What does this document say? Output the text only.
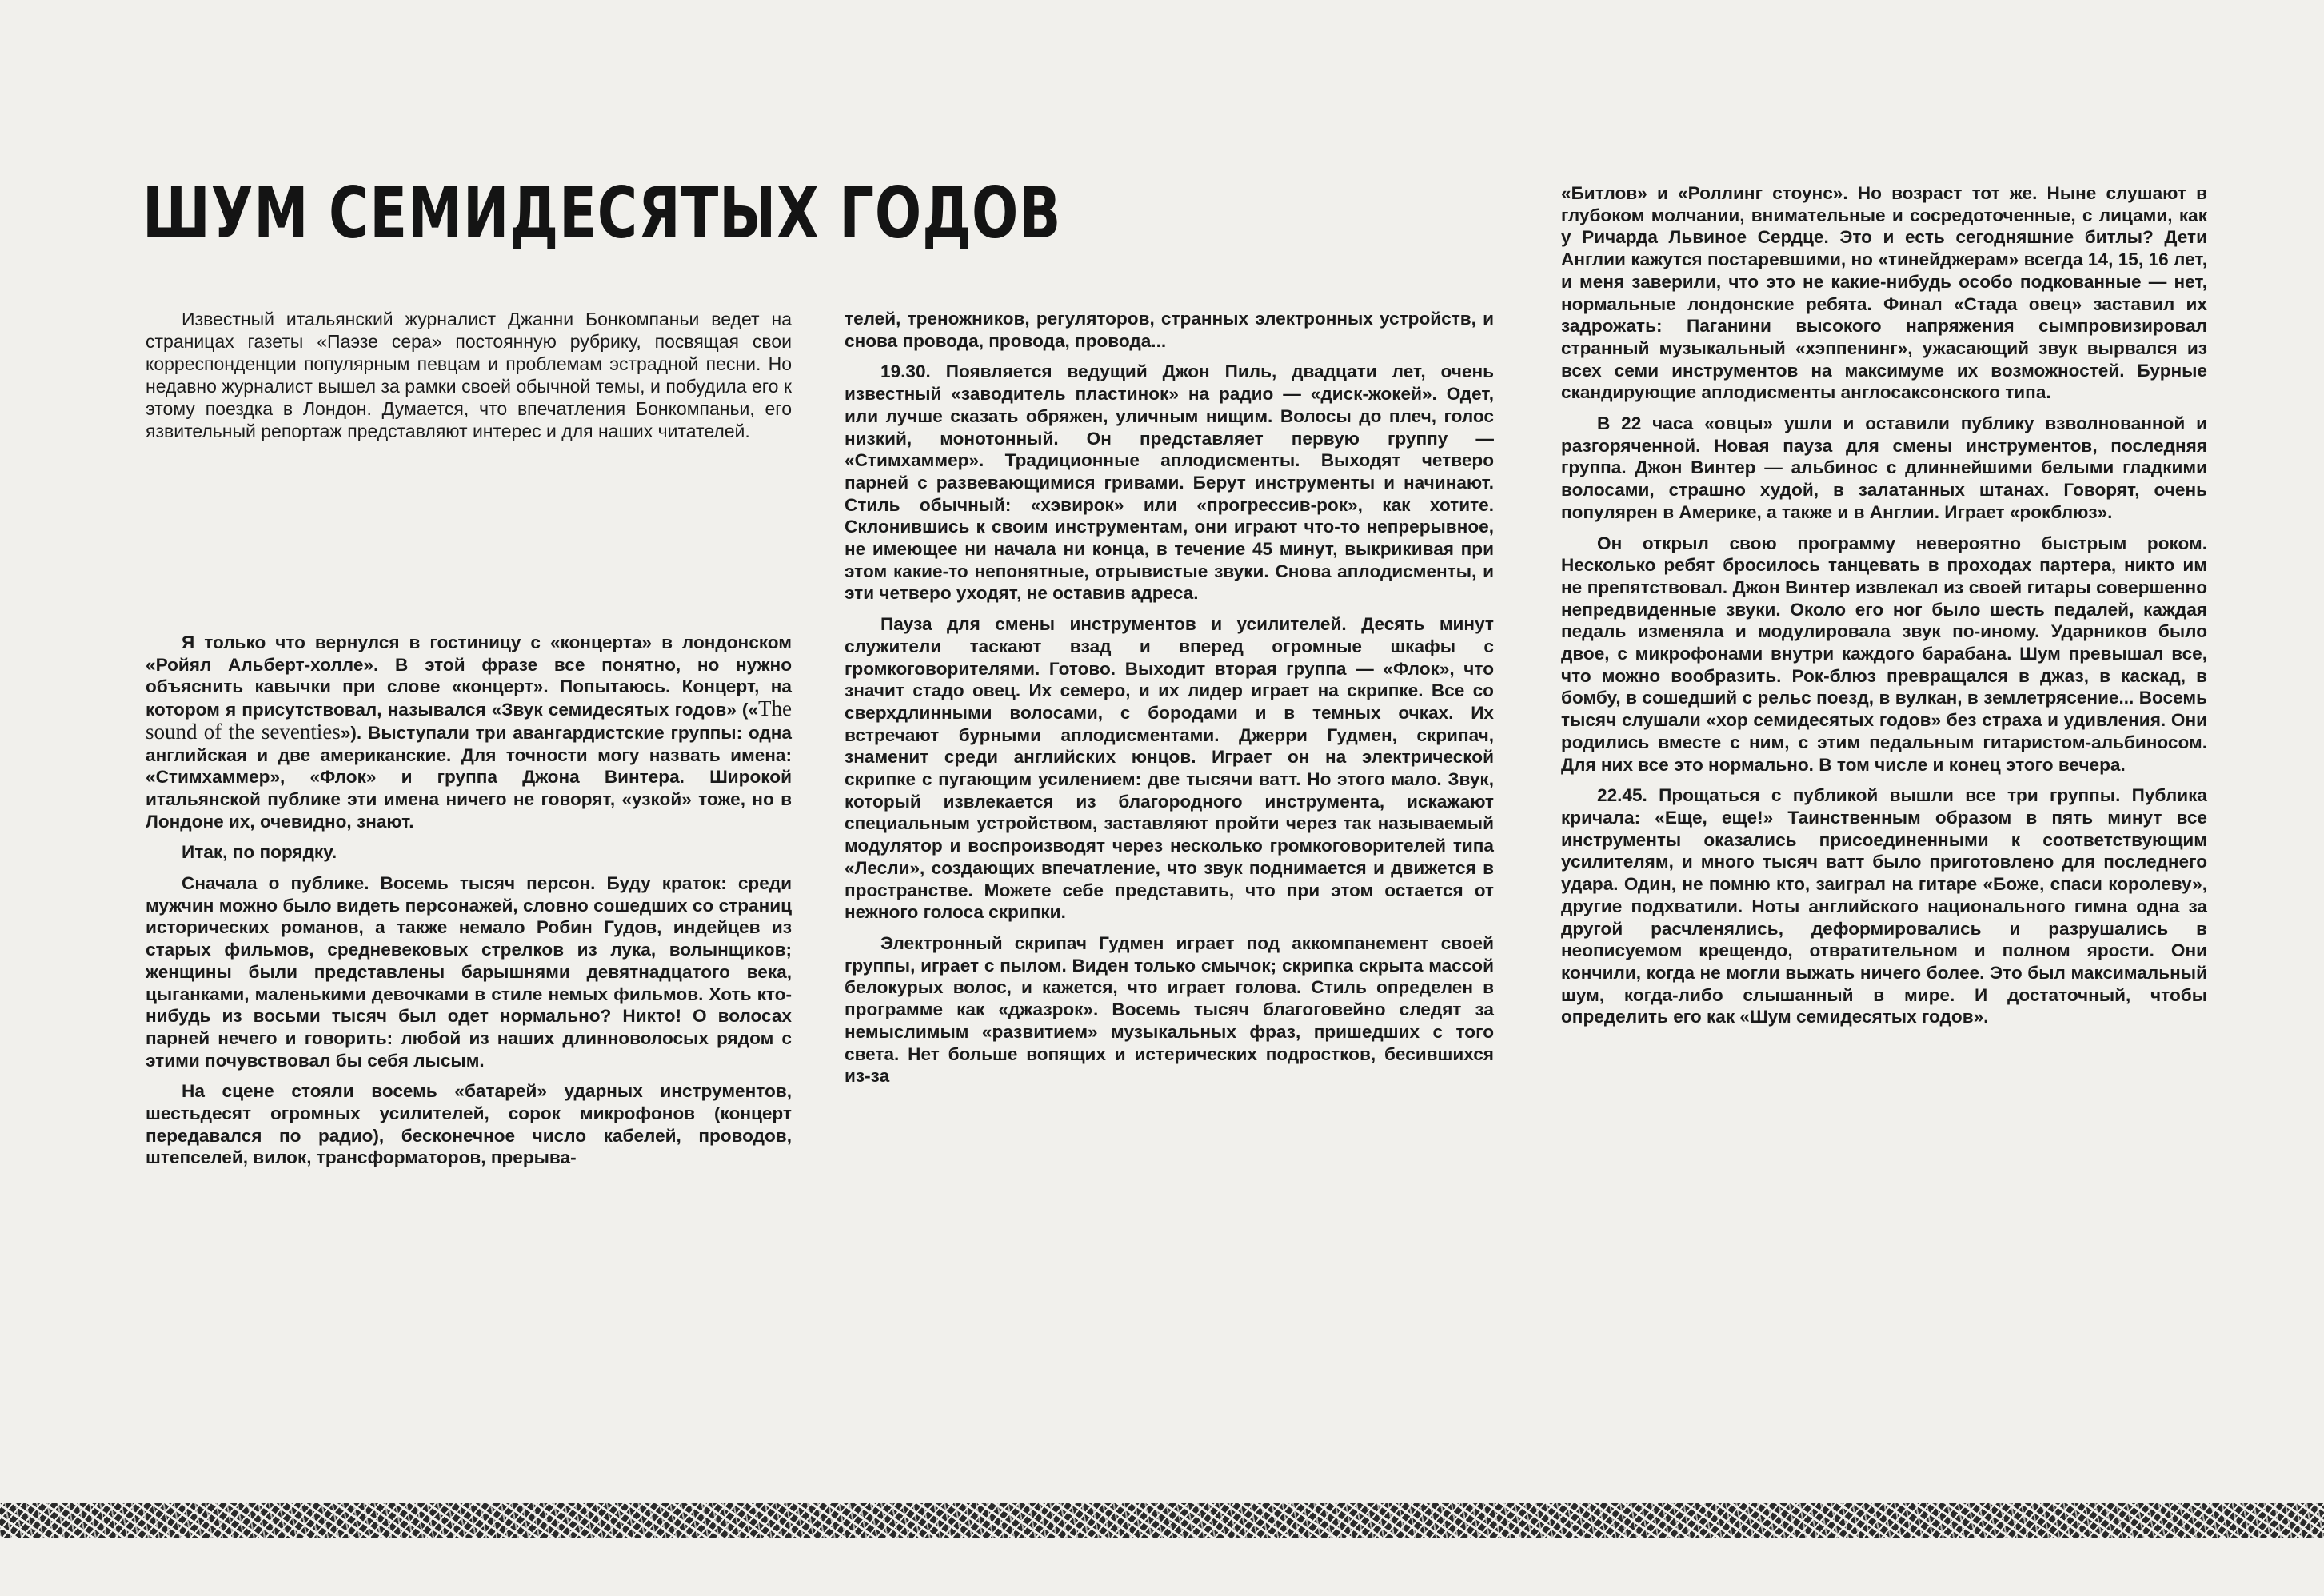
ШУМ СЕМИДЕСЯТЫХ ГОДОВ

Известный итальянский журналист Джанни Бонкомпаньи ведет на страницах газеты «Паэзе сера» постоянную рубрику, посвящая свои корреспонденции популярным певцам и проблемам эстрадной песни. Но недавно журналист вышел за рамки своей обычной темы, и побудила его к этому поездка в Лондон. Думается, что впечатления Бонкомпаньи, его язвительный репортаж представляют интерес и для наших читателей.

Я только что вернулся в гостиницу с «концерта» в лондонском «Ройял Альберт-холле». В этой фразе все понятно, но нужно объяснить кавычки при слове «концерт». Попытаюсь. Концерт, на котором я присутствовал, назывался «Звук семидесятых годов» («The sound of the seventies»). Выступали три авангардистские группы: одна английская и две американские. Для точности могу назвать имена: «Стимхаммер», «Флок» и группа Джона Винтера. Широкой итальянской публике эти имена ничего не говорят, «узкой» тоже, но в Лондоне их, очевидно, знают.

Итак, по порядку.

Сначала о публике. Восемь тысяч персон. Буду краток: среди мужчин можно было видеть персонажей, словно сошедших со страниц исторических романов, а также немало Робин Гудов, индейцев из старых фильмов, средневековых стрелков из лука, волынщиков; женщины были представлены барышнями девятнадцатого века, цыганками, маленькими девочками в стиле немых фильмов. Хоть кто-нибудь из восьми тысяч был одет нормально? Никто! О волосах парней нечего и говорить: любой из наших длинноволосых рядом с этими почувствовал бы себя лысым.

На сцене стояли восемь «батарей» ударных инструментов, шестьдесят огромных усилителей, сорок микрофонов (концерт передавался по радио), бесконечное число кабелей, проводов, штепселей, вилок, трансформаторов, прерыва-

телей, треножников, регуляторов, странных электронных устройств, и снова провода, провода, провода...

19.30. Появляется ведущий Джон Пиль, двадцати лет, очень известный «заводитель пластинок» на радио — «диск-жокей». Одет, или лучше сказать обряжен, уличным нищим. Волосы до плеч, голос низкий, монотонный. Он представляет первую группу — «Стимхаммер». Традиционные аплодисменты. Выходят четверо парней с развевающимися гривами. Берут инструменты и начинают. Стиль обычный: «хэвирок» или «прогрессив-рок», как хотите. Склонившись к своим инструментам, они играют что-то непрерывное, не имеющее ни начала ни конца, в течение 45 минут, выкрикивая при этом какие-то непонятные, отрывистые звуки. Снова аплодисменты, и эти четверо уходят, не оставив адреса.

Пауза для смены инструментов и усилителей. Десять минут служители таскают взад и вперед огромные шкафы с громкоговорителями. Готово. Выходит вторая группа — «Флок», что значит стадо овец. Их семеро, и их лидер играет на скрипке. Все со сверхдлинными волосами, с бородами и в темных очках. Их встречают бурными аплодисментами. Джерри Гудмен, скрипач, знаменит среди английских юнцов. Играет он на электрической скрипке с пугающим усилением: две тысячи ватт. Но этого мало. Звук, который извлекается из благородного инструмента, искажают специальным устройством, заставляют пройти через так называемый модулятор и воспроизводят через несколько громкоговорителей типа «Лесли», создающих впечатление, что звук поднимается и движется в пространстве. Можете себе представить, что при этом остается от нежного голоса скрипки.

Электронный скрипач Гудмен играет под аккомпанемент своей группы, играет с пылом. Виден только смычок; скрипка скрыта массой белокурых волос, и кажется, что играет голова. Стиль определен в программе как «джазрок». Восемь тысяч благоговейно следят за немыслимым «развитием» музыкальных фраз, пришедших с того света. Нет больше вопящих и истерических подростков, бесившихся из-за

«Битлов» и «Роллинг стоунс». Но возраст тот же. Ныне слушают в глубоком молчании, внимательные и сосредоточенные, с лицами, как у Ричарда Львиное Сердце. Это и есть сегодняшние битлы? Дети Англии кажутся постаревшими, но «тинейджерам» всегда 14, 15, 16 лет, и меня заверили, что это не какие-нибудь особо подкованные — нет, нормальные лондонские ребята. Финал «Стада овец» заставил их задрожать: Паганини высокого напряжения сымпровизировал странный музыкальный «хэппенинг», ужасающий звук вырвался из всех семи инструментов на максимуме их возможностей. Бурные скандирующие аплодисменты англосаксонского типа.

В 22 часа «овцы» ушли и оставили публику взволнованной и разгоряченной. Новая пауза для смены инструментов, последняя группа. Джон Винтер — альбинос с длиннейшими белыми гладкими волосами, страшно худой, в залатанных штанах. Говорят, очень популярен в Америке, а также и в Англии. Играет «рокблюз».

Он открыл свою программу невероятно быстрым роком. Несколько ребят бросилось танцевать в проходах партера, никто им не препятствовал. Джон Винтер извлекал из своей гитары совершенно непредвиденные звуки. Около его ног было шесть педалей, каждая педаль изменяла и модулировала звук по-иному. Ударников было двое, с микрофонами внутри каждого барабана. Шум превышал все, что можно вообразить. Рок-блюз превращался в джаз, в каскад, в бомбу, в сошедший с рельс поезд, в вулкан, в землетрясение... Восемь тысяч слушали «хор семидесятых годов» без страха и удивления. Они родились вместе с ним, с этим педальным гитаристом-альбиносом. Для них все это нормально. В том числе и конец этого вечера.

22.45. Прощаться с публикой вышли все три группы. Публика кричала: «Еще, еще!» Таинственным образом в пять минут все инструменты оказались присоединенными к соответствующим усилителям, и много тысяч ватт было приготовлено для последнего удара. Один, не помню кто, заиграл на гитаре «Боже, спаси королеву», другие подхватили. Ноты английского национального гимна одна за другой расчленялись, деформировались и разрушались в неописуемом крещендо, отвратительном и полном ярости. Они кончили, когда не могли выжать ничего более. Это был максимальный шум, когда-либо слышанный в мире. И достаточный, чтобы определить его как «Шум семидесятых годов».
